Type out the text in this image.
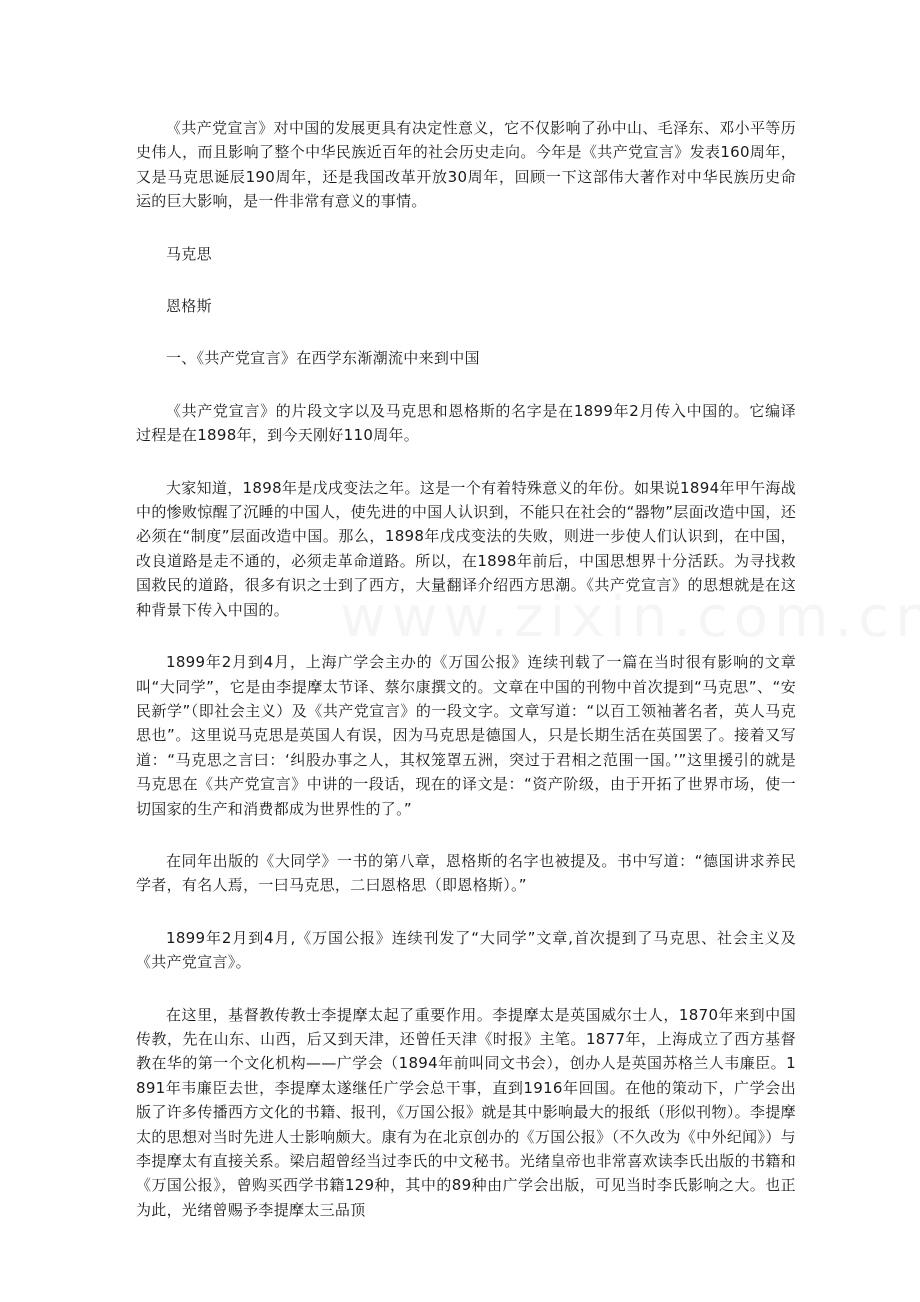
《共产党宣言》对中国的发展更具有决定性意义，它不仅影响了孙中山、毛泽东、邓小平等历史伟人，而且影响了整个中华民族近百年的社会历史走向。今年是《共产党宣言》发表160周年，又是马克思诞辰190周年，还是我国改革开放30周年，回顾一下这部伟大著作对中华民族历史命运的巨大影响，是一件非常有意义的事情。

马克思

恩格斯

一、《共产党宣言》在西学东渐潮流中来到中国

《共产党宣言》的片段文字以及马克思和恩格斯的名字是在1899年2月传入中国的。它编译过程是在1898年，到今天刚好110周年。

大家知道，1898年是戊戌变法之年。这是一个有着特殊意义的年份。如果说1894年甲午海战中的惨败惊醒了沉睡的中国人，使先进的中国人认识到，不能只在社会的“器物”层面改造中国，还必须在“制度”层面改造中国。那么，1898年戊戌变法的失败，则进一步使人们认识到，在中国，改良道路是走不通的，必须走革命道路。所以，在1898年前后，中国思想界十分活跃。为寻找救国救民的道路，很多有识之士到了西方，大量翻译介绍西方思潮。《共产党宣言》的思想就是在这种背景下传入中国的。

1899年2月到4月，上海广学会主办的《万国公报》连续刊载了一篇在当时很有影响的文章叫“大同学”，它是由李提摩太节译、蔡尔康撰文的。文章在中国的刊物中首次提到“马克思”、“安民新学”（即社会主义）及《共产党宣言》的一段文字。文章写道：“以百工领袖著名者，英人马克思也”。这里说马克思是英国人有误，因为马克思是德国人，只是长期生活在英国罢了。接着又写道：“马克思之言曰：‘纠股办事之人，其权笼罩五洲，突过于君相之范围一国。’”这里援引的就是马克思在《共产党宣言》中讲的一段话，现在的译文是：“资产阶级，由于开拓了世界市场，使一切国家的生产和消费都成为世界性的了。”

在同年出版的《大同学》一书的第八章，恩格斯的名字也被提及。书中写道：“德国讲求养民学者，有名人焉，一曰马克思，二曰恩格思（即恩格斯）。”

1899年2月到4月,《万国公报》连续刊发了“大同学”文章,首次提到了马克思、社会主义及《共产党宣言》。

在这里，基督教传教士李提摩太起了重要作用。李提摩太是英国威尔士人，1870年来到中国传教，先在山东、山西，后又到天津，还曾任天津《时报》主笔。1877年，上海成立了西方基督教在华的第一个文化机构——广学会（1894年前叫同文书会），创办人是英国苏格兰人韦廉臣。1891年韦廉臣去世，李提摩太遂继任广学会总干事，直到1916年回国。在他的策动下，广学会出版了许多传播西方文化的书籍、报刊，《万国公报》就是其中影响最大的报纸（形似刊物）。李提摩太的思想对当时先进人士影响颇大。康有为在北京创办的《万国公报》（不久改为《中外纪闻》）与李提摩太有直接关系。梁启超曾经当过李氏的中文秘书。光绪皇帝也非常喜欢读李氏出版的书籍和《万国公报》，曾购买西学书籍129种，其中的89种由广学会出版，可见当时李氏影响之大。也正为此，光绪曾赐予李提摩太三品顶
